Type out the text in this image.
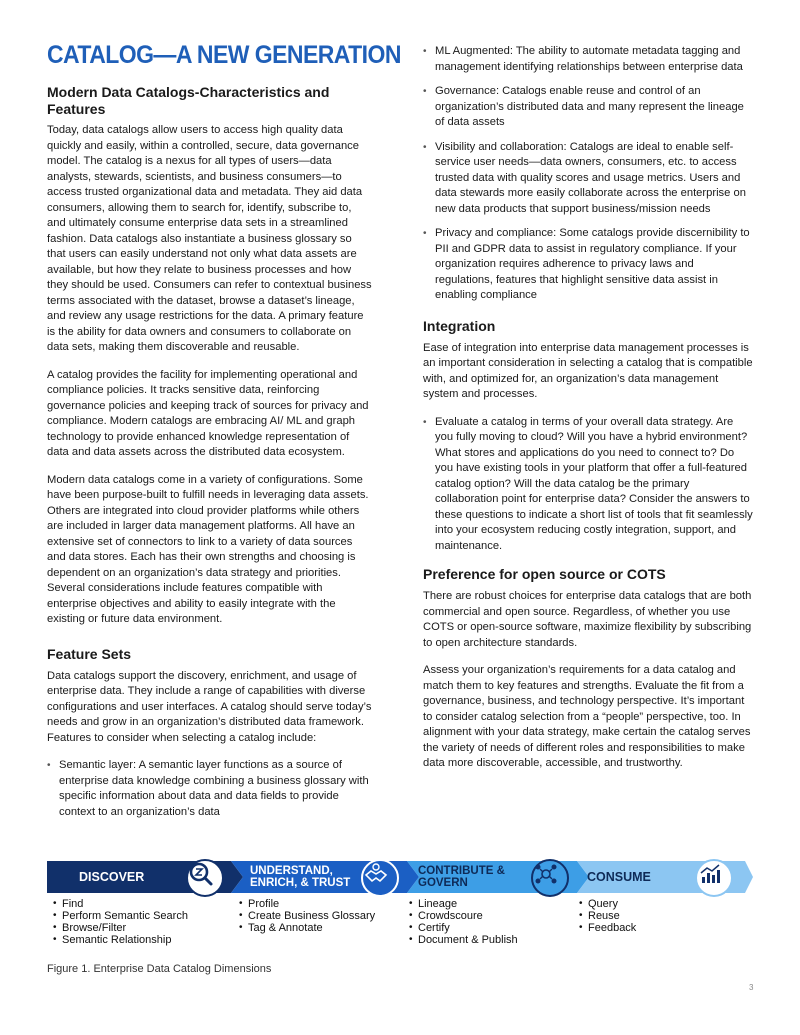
CATALOG—A NEW GENERATION
Modern Data Catalogs-Characteristics and Features

Today, data catalogs allow users to access high quality data quickly and easily, within a controlled, secure, data governance model. The catalog is a nexus for all types of users—data analysts, stewards, scientists, and business consumers—to access trusted organizational data and metadata. They aid data consumers, allowing them to search for, identify, subscribe to, and ultimately consume enterprise data sets in a streamlined fashion. Data catalogs also instantiate a business glossary so that users can easily understand not only what data assets are available, but how they relate to business processes and how they should be used. Consumers can refer to contextual business terms associated with the dataset, browse a dataset’s lineage, and review any usage restrictions for the data. A primary feature is the ability for data owners and consumers to collaborate on data sets, making them discoverable and reusable.

A catalog provides the facility for implementing operational and compliance policies. It tracks sensitive data, reinforcing governance policies and keeping track of sources for privacy and compliance. Modern catalogs are embracing AI/ ML and graph technology to provide enhanced knowledge representation of data and data assets across the distributed data ecosystem.

Modern data catalogs come in a variety of configurations. Some have been purpose-built to fulfill needs in leveraging data assets. Others are integrated into cloud provider platforms while others are included in larger data management platforms. All have an extensive set of connectors to link to a variety of data sources and data stores. Each has their own strengths and choosing is dependent on an organization’s data strategy and priorities. Several considerations include features compatible with enterprise objectives and ability to easily integrate with the existing or future data environment.

Feature Sets

Data catalogs support the discovery, enrichment, and usage of enterprise data. They include a range of capabilities with diverse configurations and user interfaces. A catalog should serve today’s needs and grow in an organization’s distributed data framework. Features to consider when selecting a catalog include:

• Semantic layer: A semantic layer functions as a source of enterprise data knowledge combining a business glossary with specific information about data and data fields to provide context to an organization’s data
• ML Augmented: The ability to automate metadata tagging and management identifying relationships between enterprise data
• Governance: Catalogs enable reuse and control of an organization’s distributed data and many represent the lineage of data assets
• Visibility and collaboration: Catalogs are ideal to enable self-service user needs—data owners, consumers, etc. to access trusted data with quality scores and usage metrics. Users and data stewards more easily collaborate across the enterprise on new data products that support business/mission needs
• Privacy and compliance: Some catalogs provide discernibility to PII and GDPR data to assist in regulatory compliance. If your organization requires adherence to privacy laws and regulations, features that highlight sensitive data assist in enabling compliance
Integration

Ease of integration into enterprise data management processes is an important consideration in selecting a catalog that is compatible with, and optimized for, an organization’s data management system and processes.

• Evaluate a catalog in terms of your overall data strategy. Are you fully moving to cloud? Will you have a hybrid environment? What stores and applications do you need to connect to? Do you have existing tools in your platform that offer a full-featured catalog option? Will the data catalog be the primary collaboration point for enterprise data? Consider the answers to these questions to indicate a short list of tools that fit seamlessly into your ecosystem reducing costly integration, support, and maintenance.
Preference for open source or COTS

There are robust choices for enterprise data catalogs that are both commercial and open source. Regardless, of whether you use COTS or open-source software, maximize flexibility by subscribing to open architecture standards.

Assess your organization’s requirements for a data catalog and match them to key features and strengths. Evaluate the fit from a governance, business, and technology perspective. It’s important to consider catalog selection from a “people” perspective, too. In alignment with your data strategy, make certain the catalog serves the variety of needs of different roles and responsibilities to make data more discoverable, accessible, and trustworthy.

DISCOVER	UNDERSTAND,
ENRICH, & TRUST
CONTRIBUTE &
GOVERN	CONSUME
• Find
• Perform Semantic Search
• Browse/Filter
• Semantic Relationship
• Profile
• Create Business Glossary
• Tag & Annotate
• Lineage
• Crowdscoure
• Certify
• Document & Publish
• Query
• Reuse
• Feedback

Figure 1. Enterprise Data Catalog Dimensions

3
